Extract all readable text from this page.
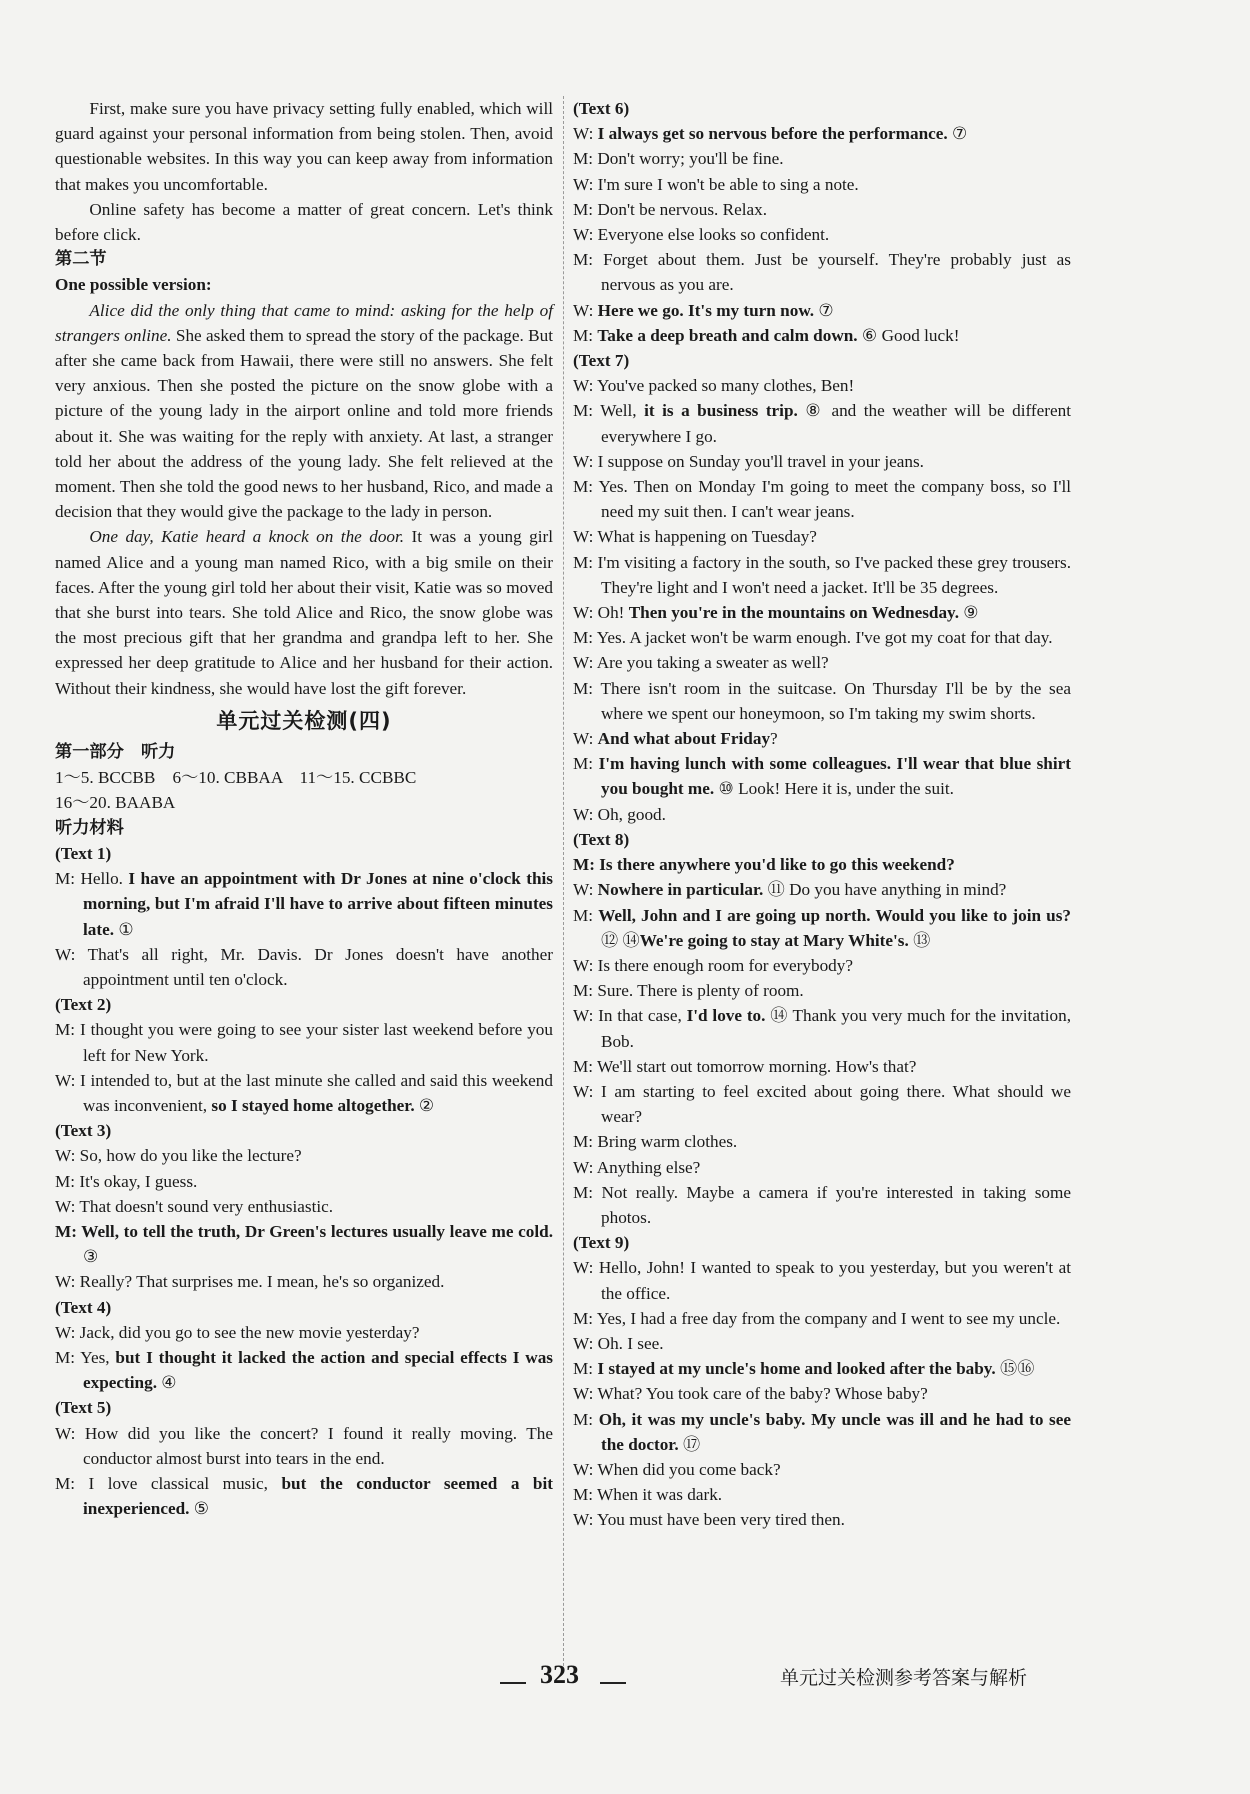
First, make sure you have privacy setting fully enabled, which will guard against your personal information from being stolen. Then, avoid questionable websites. In this way you can keep away from information that makes you uncomfortable.

Online safety has become a matter of great concern. Let's think before click.

第二节

One possible version:

Alice did the only thing that came to mind: asking for the help of strangers online. She asked them to spread the story of the package. But after she came back from Hawaii, there were still no answers. She felt very anxious. Then she posted the picture on the snow globe with a picture of the young lady in the airport online and told more friends about it. She was waiting for the reply with anxiety. At last, a stranger told her about the address of the young lady. She felt relieved at the moment. Then she told the good news to her husband, Rico, and made a decision that they would give the package to the lady in person.

One day, Katie heard a knock on the door. It was a young girl named Alice and a young man named Rico, with a big smile on their faces. After the young girl told her about their visit, Katie was so moved that she burst into tears. She told Alice and Rico, the snow globe was the most precious gift that her grandma and grandpa left to her. She expressed her deep gratitude to Alice and her husband for their action. Without their kindness, she would have lost the gift forever.

单元过关检测(四)

第一部分　听力

1～5. BCCBB　6～10. CBBAA　11～15. CCBBC

16～20. BAABA

听力材料

(Text 1)

M: Hello. I have an appointment with Dr Jones at nine o'clock this morning, but I'm afraid I'll have to arrive about fifteen minutes late. ①

W: That's all right, Mr. Davis. Dr Jones doesn't have another appointment until ten o'clock.

(Text 2)

M: I thought you were going to see your sister last weekend before you left for New York.

W: I intended to, but at the last minute she called and said this weekend was inconvenient, so I stayed home altogether. ②

(Text 3)

W: So, how do you like the lecture?

M: It's okay, I guess.

W: That doesn't sound very enthusiastic.

M: Well, to tell the truth, Dr Green's lectures usually leave me cold. ③

W: Really? That surprises me. I mean, he's so organized.

(Text 4)

W: Jack, did you go to see the new movie yesterday?

M: Yes, but I thought it lacked the action and special effects I was expecting. ④

(Text 5)

W: How did you like the concert? I found it really moving. The conductor almost burst into tears in the end.

M: I love classical music, but the conductor seemed a bit inexperienced. ⑤

(Text 6)

W: I always get so nervous before the performance. ⑦

M: Don't worry; you'll be fine.

W: I'm sure I won't be able to sing a note.

M: Don't be nervous. Relax.

W: Everyone else looks so confident.

M: Forget about them. Just be yourself. They're probably just as nervous as you are.

W: Here we go. It's my turn now. ⑦

M: Take a deep breath and calm down. ⑥ Good luck!

(Text 7)

W: You've packed so many clothes, Ben!

M: Well, it is a business trip. ⑧ and the weather will be different everywhere I go.

W: I suppose on Sunday you'll travel in your jeans.

M: Yes. Then on Monday I'm going to meet the company boss, so I'll need my suit then. I can't wear jeans.

W: What is happening on Tuesday?

M: I'm visiting a factory in the south, so I've packed these grey trousers. They're light and I won't need a jacket. It'll be 35 degrees.

W: Oh! Then you're in the mountains on Wednesday. ⑨

M: Yes. A jacket won't be warm enough. I've got my coat for that day.

W: Are you taking a sweater as well?

M: There isn't room in the suitcase. On Thursday I'll be by the sea where we spent our honeymoon, so I'm taking my swim shorts.

W: And what about Friday?

M: I'm having lunch with some colleagues. I'll wear that blue shirt you bought me. ⑩ Look! Here it is, under the suit.

W: Oh, good.

(Text 8)

M: Is there anywhere you'd like to go this weekend?

W: Nowhere in particular. ⑪ Do you have anything in mind?

M: Well, John and I are going up north. Would you like to join us? ⑫ ⑭We're going to stay at Mary White's. ⑬

W: Is there enough room for everybody?

M: Sure. There is plenty of room.

W: In that case, I'd love to. ⑭ Thank you very much for the invitation, Bob.

M: We'll start out tomorrow morning. How's that?

W: I am starting to feel excited about going there. What should we wear?

M: Bring warm clothes.

W: Anything else?

M: Not really. Maybe a camera if you're interested in taking some photos.

(Text 9)

W: Hello, John! I wanted to speak to you yesterday, but you weren't at the office.

M: Yes, I had a free day from the company and I went to see my uncle.

W: Oh. I see.

M: I stayed at my uncle's home and looked after the baby. ⑮⑯

W: What? You took care of the baby? Whose baby?

M: Oh, it was my uncle's baby. My uncle was ill and he had to see the doctor. ⑰

W: When did you come back?

M: When it was dark.

W: You must have been very tired then.

323	单元过关检测参考答案与解析
